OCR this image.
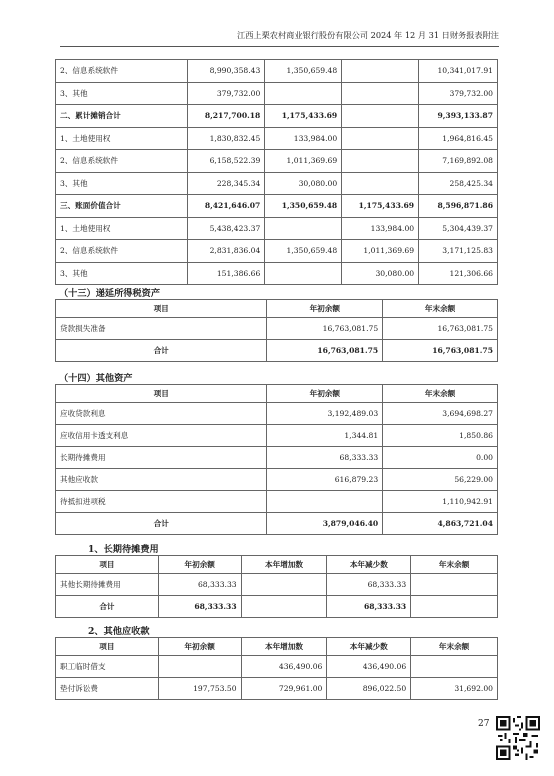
江西上栗农村商业银行股份有限公司 2024 年 12 月 31 日财务报表附注
2、信息系统软件	8,990,358.43	1,350,659.48		10,341,017.91
3、其他	379,732.00			379,732.00
二、累计摊销合计	8,217,700.18	1,175,433.69		9,393,133.87
1、土地使用权	1,830,832.45	133,984.00		1,964,816.45
2、信息系统软件	6,158,522.39	1,011,369.69		7,169,892.08
3、其他	228,345.34	30,080.00		258,425.34
三、账面价值合计	8,421,646.07	1,350,659.48	1,175,433.69	8,596,871.86
1、土地使用权	5,438,423.37		133,984.00	5,304,439.37
2、信息系统软件	2,831,836.04	1,350,659.48	1,011,369.69	3,171,125.83
3、其他	151,386.66		30,080.00	121,306.66
（十三）递延所得税资产
项目	年初余额	年末余额
贷款损失准备	16,763,081.75	16,763,081.75
合计	16,763,081.75	16,763,081.75
（十四）其他资产
项目	年初余额	年末余额
应收贷款利息	3,192,489.03	3,694,698.27
应收信用卡透支利息	1,344.81	1,850.86
长期待摊费用	68,333.33	0.00
其他应收款	616,879.23	56,229.00
待抵扣进项税		1,110,942.91
合计	3,879,046.40	4,863,721.04
1、长期待摊费用
项目	年初余额	本年增加数	本年减少数	年末余额
其他长期待摊费用	68,333.33		68,333.33	
合计	68,333.33		68,333.33	
2、其他应收款
项目	年初余额	本年增加数	本年减少数	年末余额
职工临时借支		436,490.06	436,490.06	
垫付诉讼费	197,753.50	729,961.00	896,022.50	31,692.00
27
